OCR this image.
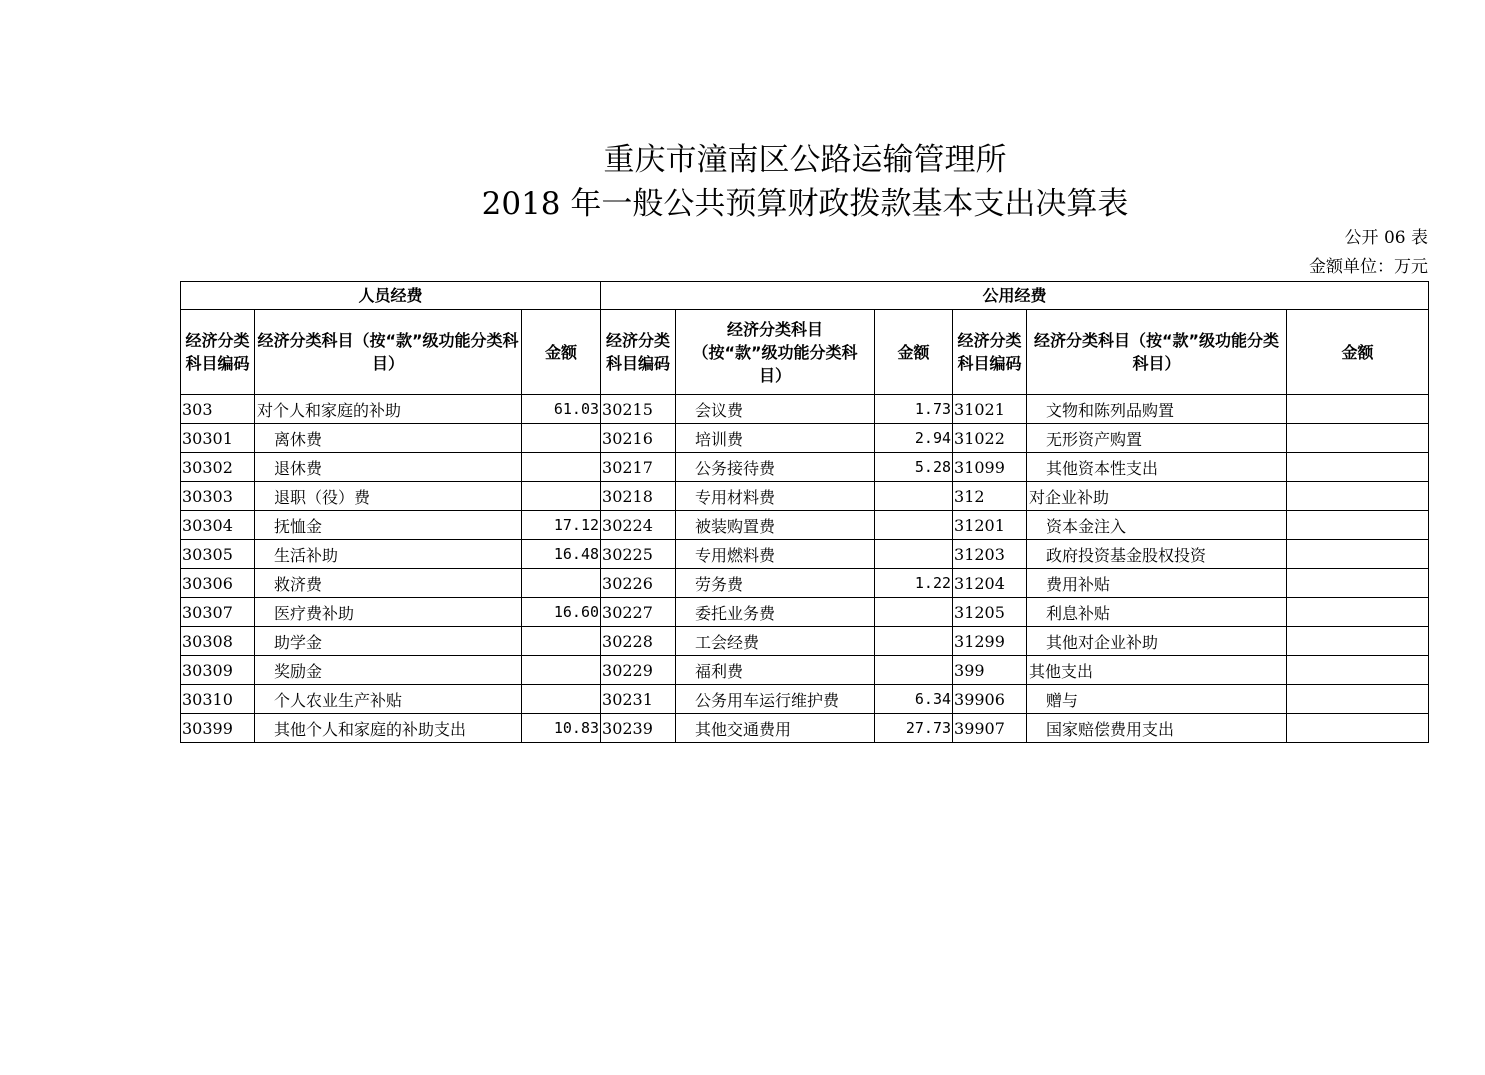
重庆市潼南区公路运输管理所
2018 年一般公共预算财政拨款基本支出决算表
公开 06 表
金额单位：万元
人员经费			公用经费					
经济分类科目编码	经济分类科目（按“款”级功能分类科目）	金额	经济分类科目编码	经济分类科目（按“款”级功能分类科目）	金额	经济分类科目编码	经济分类科目（按“款”级功能分类科目）	金额
303	对个人和家庭的补助	61.03	30215	会议费	1.73	31021	文物和陈列品购置	
30301	离休费		30216	培训费	2.94	31022	无形资产购置	
30302	退休费		30217	公务接待费	5.28	31099	其他资本性支出	
30303	退职（役）费		30218	专用材料费		312	对企业补助	
30304	抚恤金	17.12	30224	被装购置费		31201	资本金注入	
30305	生活补助	16.48	30225	专用燃料费		31203	政府投资基金股权投资	
30306	救济费		30226	劳务费	1.22	31204	费用补贴	
30307	医疗费补助	16.60	30227	委托业务费		31205	利息补贴	
30308	助学金		30228	工会经费		31299	其他对企业补助	
30309	奖励金		30229	福利费		399	其他支出	
30310	个人农业生产补贴		30231	公务用车运行维护费	6.34	39906	赠与	
30399	其他个人和家庭的补助支出	10.83	30239	其他交通费用	27.73	39907	国家赔偿费用支出	
